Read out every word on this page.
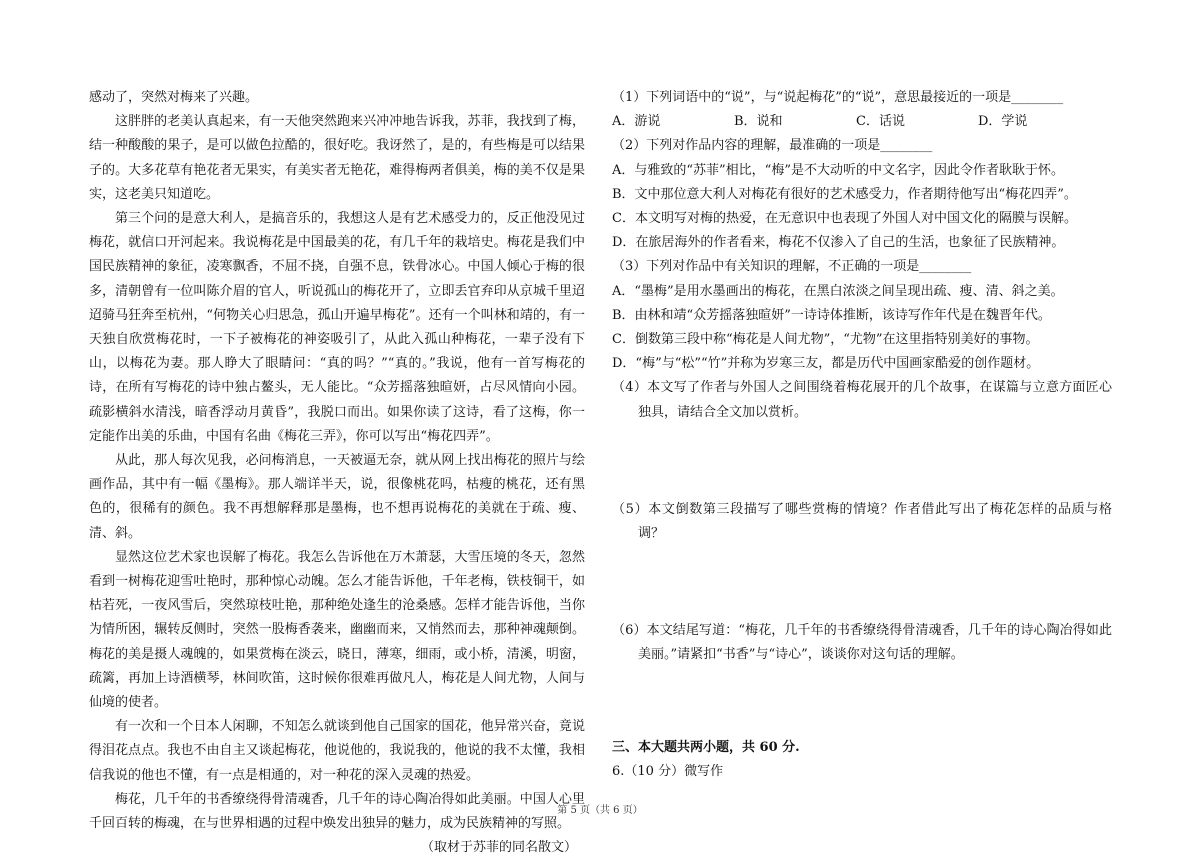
感动了，突然对梅来了兴趣。

这胖胖的老美认真起来，有一天他突然跑来兴冲冲地告诉我，苏菲，我找到了梅，结一种酸酸的果子，是可以做色拉酷的，很好吃。我讶然了，是的，有些梅是可以结果子的。大多花草有艳花者无果实，有美实者无艳花，难得梅两者俱美，梅的美不仅是果实，这老美只知道吃。

第三个问的是意大利人，是搞音乐的，我想这人是有艺术感受力的，反正他没见过梅花，就信口开河起来。我说梅花是中国最美的花，有几千年的栽培史。梅花是我们中国民族精神的象征，凌寒飘香，不屈不挠，自强不息，铁骨冰心。中国人倾心于梅的很多，清朝曾有一位叫陈介眉的官人，听说孤山的梅花开了，立即丢官弃印从京城千里迢迢骑马狂奔至杭州，“何物关心归思急，孤山开遍早梅花”。还有一个叫林和靖的，有一天独自欣赏梅花时，一下子被梅花的神姿吸引了，从此入孤山种梅花，一辈子没有下山，以梅花为妻。那人睁大了眼睛问：“真的吗？”“真的。”我说，他有一首写梅花的诗，在所有写梅花的诗中独占鳌头，无人能比。“众芳摇落独暄妍，占尽风情向小园。疏影横斜水清浅，暗香浮动月黄昏”，我脱口而出。如果你读了这诗，看了这梅，你一定能作出美的乐曲，中国有名曲《梅花三弄》，你可以写出“梅花四弄”。

从此，那人每次见我，必问梅消息，一天被逼无奈，就从网上找出梅花的照片与绘画作品，其中有一幅《墨梅》。那人端详半天，说，很像桃花吗，枯瘦的桃花，还有黑色的，很稀有的颜色。我不再想解释那是墨梅，也不想再说梅花的美就在于疏、瘦、清、斜。

显然这位艺术家也误解了梅花。我怎么告诉他在万木萧瑟，大雪压境的冬天，忽然看到一树梅花迎雪吐艳时，那种惊心动魄。怎么才能告诉他，千年老梅，铁枝铜干，如枯若死，一夜风雪后，突然琼枝吐艳，那种绝处逢生的沧桑感。怎样才能告诉他，当你为情所困，辗转反侧时，突然一股梅香袭来，幽幽而来，又悄然而去，那种神魂颠倒。梅花的美是摄人魂魄的，如果赏梅在淡云，晓日，薄寒，细雨，或小桥，清溪，明窗，疏篱，再加上诗酒横琴，林间吹笛，这时候你很难再做凡人，梅花是人间尤物，人间与仙境的使者。

有一次和一个日本人闲聊，不知怎么就谈到他自己国家的国花，他异常兴奋，竟说得泪花点点。我也不由自主又谈起梅花，他说他的，我说我的，他说的我不太懂，我相信我说的他也不懂，有一点是相通的，对一种花的深入灵魂的热爱。

梅花，几千年的书香缭绕得骨清魂香，几千年的诗心陶冶得如此美丽。中国人心里千回百转的梅魂，在与世界相遇的过程中焕发出独异的魅力，成为民族精神的写照。

（取材于苏菲的同名散文）

（1）下列词语中的“说”，与“说起梅花”的“说”，意思最接近的一项是________

A．游说	B．说和	C．话说	D．学说

（2）下列对作品内容的理解，最准确的一项是________

A．与雅致的“苏菲”相比，“梅”是不大动听的中文名字，因此令作者耿耿于怀。

B．文中那位意大利人对梅花有很好的艺术感受力，作者期待他写出“梅花四弄”。

C．本文明写对梅的热爱，在无意识中也表现了外国人对中国文化的隔膜与误解。

D．在旅居海外的作者看来，梅花不仅渗入了自己的生活，也象征了民族精神。

（3）下列对作品中有关知识的理解，不正确的一项是________

A．“墨梅”是用水墨画出的梅花，在黑白浓淡之间呈现出疏、瘦、清、斜之美。

B．由林和靖“众芳摇落独暄妍”一诗诗体推断，该诗写作年代是在魏晋年代。

C．倒数第三段中称“梅花是人间尤物”，“尤物”在这里指特别美好的事物。

D．“梅”与“松”“竹”并称为岁寒三友，都是历代中国画家酷爱的创作题材。

（4）本文写了作者与外国人之间围绕着梅花展开的几个故事，在谋篇与立意方面匠心独具，请结合全文加以赏析。

（5）本文倒数第三段描写了哪些赏梅的情境？作者借此写出了梅花怎样的品质与格调？

（6）本文结尾写道：“梅花，几千年的书香缭绕得骨清魂香，几千年的诗心陶冶得如此美丽。”请紧扣“书香”与“诗心”，谈谈你对这句话的理解。

三、本大题共两小题，共 60 分.

6.（10 分）微写作

第 5 页（共 6 页）
